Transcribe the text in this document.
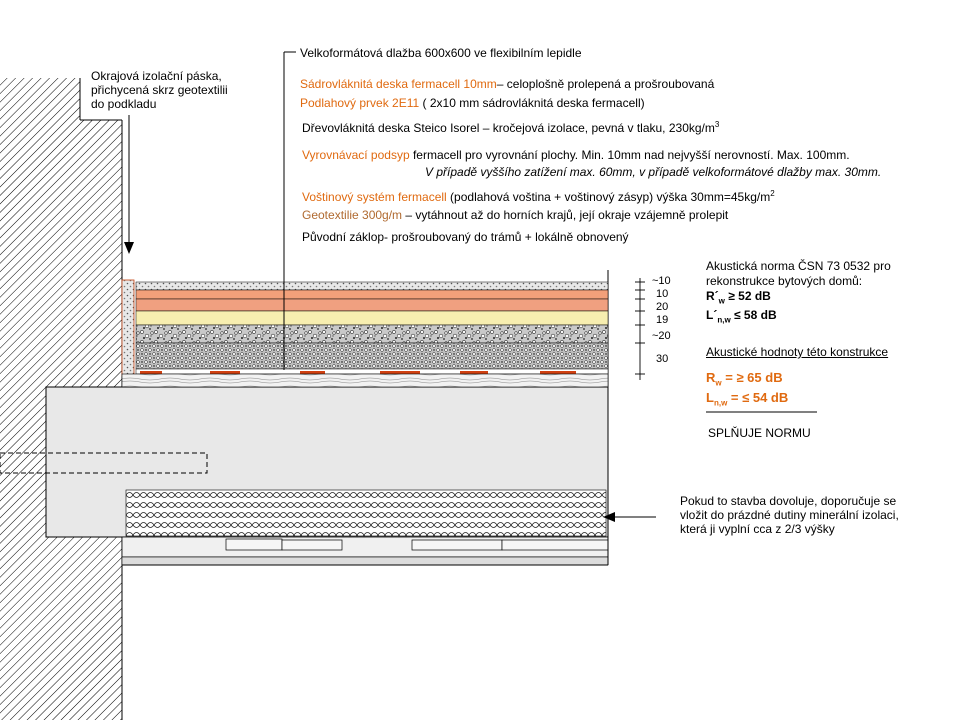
Velkoformátová dlažba 600x600 ve flexibilním lepidle
Sádrovláknitá deska fermacell 10mm– celoplošně prolepená a prošroubovaná
Podlahový prvek 2E11 ( 2x10 mm sádrovláknitá deska fermacell)
Dřevovláknitá deska Steico Isorel – kročejová izolace, pevná v tlaku, $230kg/m^3$
Vyrovnávací podsyp fermacell pro vyrovnání plochy. Min. 10mm nad nejvyšší nerovností. Max. 100mm.
V případě vyššího zatížení max. 60mm, v případě velkoformátové dlažby max. 30mm.
Voštinový systém fermacell (podlahová voština + voštinový zásyp) výška $30mm=45kg/m^2$
Geotextilie 300g/m – vytáhnout až do horních krajů, její okraje vzájemně prolepit
Původní záklop- prošroubovaný do trámů + lokálně obnovený
Okrajová izolační páska,
přichycená skrz geotextilii
do podkladu
~10
10
20
19
~20
30
Akustická norma ČSN 73 0532 pro
rekonstrukce bytových domů:
$R´_w \ge 52$ dB
$L´_{n,w} \le 58$ dB
Akustické hodnoty této konstrukce
$R_w$ = ≥ 65 dB
$L_{n,w}$ = ≤ 54 dB
SPLŇUJE NORMU
Pokud to stavba dovoluje, doporučuje se
vložit do prázdné dutiny minerální izolaci,
která ji vyplní cca z 2/3 výšky
